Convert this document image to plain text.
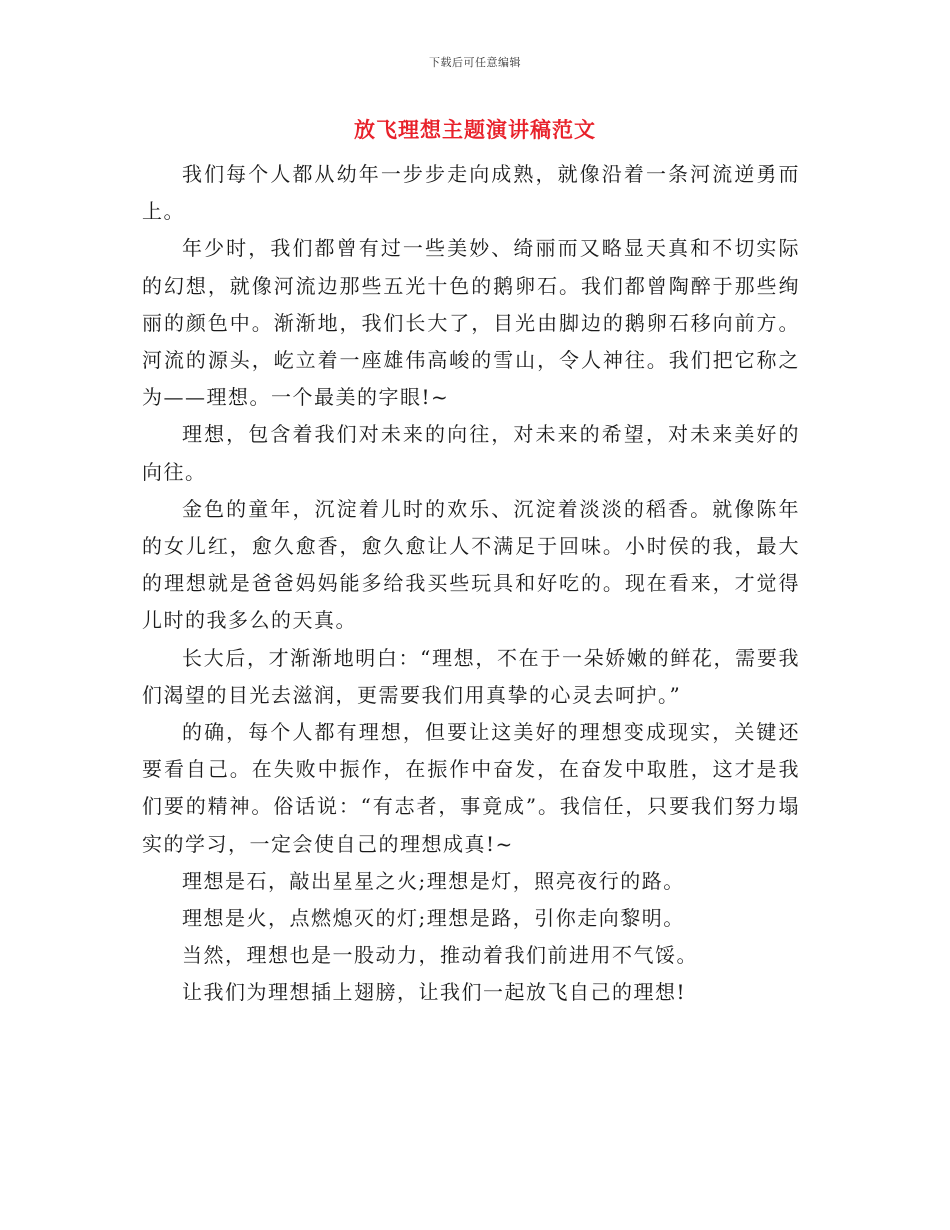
下载后可任意编辑
放飞理想主题演讲稿范文

我们每个人都从幼年一步步走向成熟，就像沿着一条河流逆勇而上。

年少时，我们都曾有过一些美妙、绮丽而又略显天真和不切实际的幻想，就像河流边那些五光十色的鹅卵石。我们都曾陶醉于那些绚丽的颜色中。渐渐地，我们长大了，目光由脚边的鹅卵石移向前方。河流的源头，屹立着一座雄伟高峻的雪山，令人神往。我们把它称之为——理想。一个最美的字眼!~

理想，包含着我们对未来的向往，对未来的希望，对未来美好的向往。

金色的童年，沉淀着儿时的欢乐、沉淀着淡淡的稻香。就像陈年的女儿红，愈久愈香，愈久愈让人不满足于回味。小时侯的我，最大的理想就是爸爸妈妈能多给我买些玩具和好吃的。现在看来，才觉得儿时的我多么的天真。

长大后，才渐渐地明白：“理想，不在于一朵娇嫩的鲜花，需要我们渴望的目光去滋润，更需要我们用真挚的心灵去呵护。”

的确，每个人都有理想，但要让这美好的理想变成现实，关键还要看自己。在失败中振作，在振作中奋发，在奋发中取胜，这才是我们要的精神。俗话说：“有志者，事竟成”。我信任，只要我们努力塌实的学习，一定会使自己的理想成真!~

理想是石，敲出星星之火;理想是灯，照亮夜行的路。

理想是火，点燃熄灭的灯;理想是路，引你走向黎明。

当然，理想也是一股动力，推动着我们前进用不气馁。

让我们为理想插上翅膀，让我们一起放飞自己的理想!
